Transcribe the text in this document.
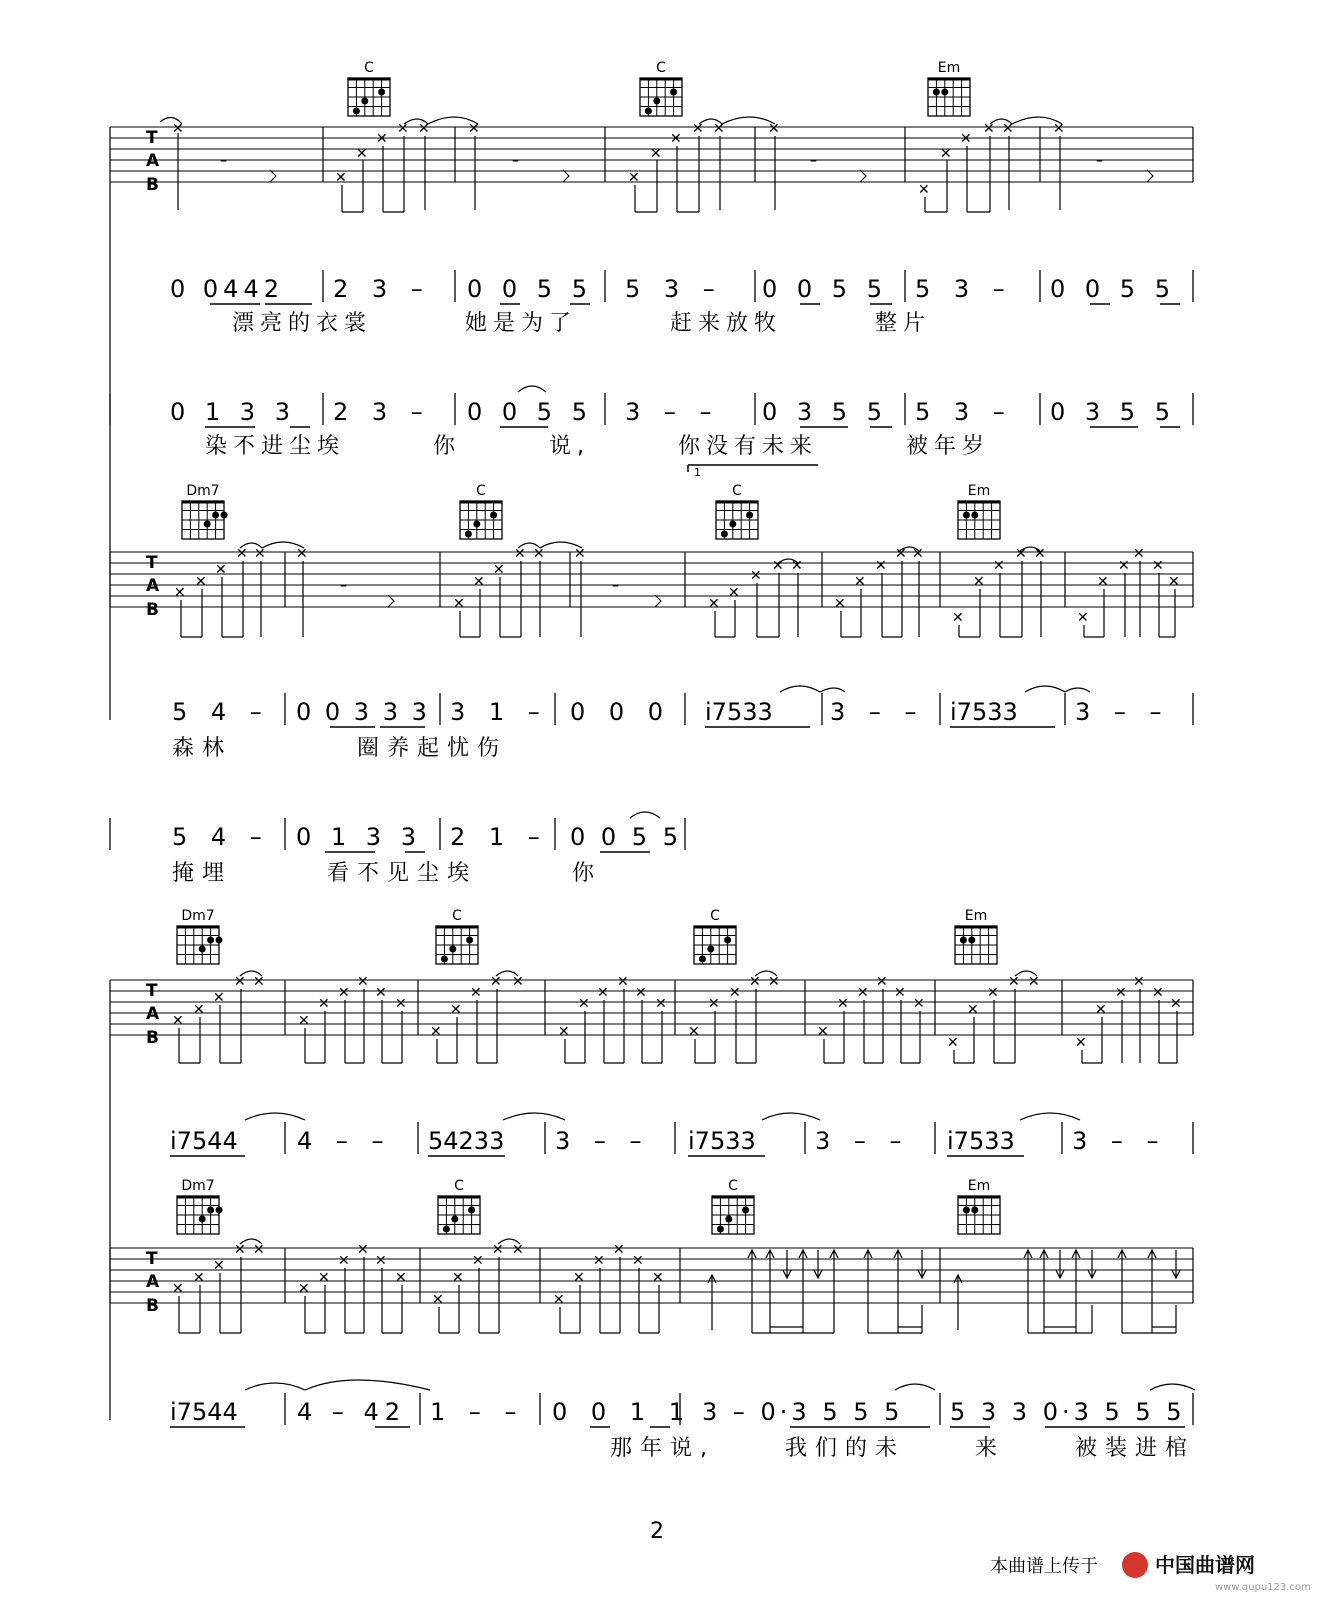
C	C	Em
T
A
B
✕
–
✕
✕
✕
✕ ✕	✕
–
✕
✕
✕
✕ ✕	✕
–
✕
✕
✕
✕ ✕	✕
–
0 0442 2 3 – 0 0 5 5 5 3 – 0 0 5 5 5 3 – 0 0 5 5
漂亮的衣裳 她是为了 赶来放牧 整片
0 1 3 3 2 3 – 0 0 5 5 3 – – 0 3 5 5 5 3 – 0 3 5 5
1
染不进尘埃 你 说, 你没有未来 被年岁
Dm7	C	C	Em
T
A
B
✕
✕
✕
✕ ✕ ✕
–
✕
✕
✕
✕ ✕ ✕
–
✕
✕
✕
✕ ✕
✕
✕
✕
✕ ✕
✕
✕
✕
✕ ✕
✕
✕
✕
✕
✕
✕
5 4 – 0 0 3 3 3 3 1 – 0 0 0 i7533 3 – – i7533 3 – –
森林 圈养起忧伤
5 4 – 0 1 3 3 2 1 – 0 0 5 5
掩埋 看不见尘埃 你
Dm7	C	C	Em
T
A
B
✕
✕
✕
✕ ✕
✕
✕
✕
✕
✕
✕
✕
✕
✕
✕ ✕
✕
✕
✕
✕
✕
✕
✕
✕
✕
✕ ✕
✕
✕
✕
✕
✕
✕
✕
✕
✕
✕ ✕
✕
✕
✕
✕
✕
✕
i7544 4 – – 54233 3 – – i7533 3 – – i7533 3 – –
Dm7	C	C	Em
T
A
B
✕
✕
✕
✕ ✕
✕
✕
✕
✕
✕
✕
✕
✕
✕
✕ ✕
✕
✕
✕
✕
✕
✕
i7544 4 – 42 1 – – 0 0 1 1 3 – 0·3 5 5 5 5 3 3 0·3 5 5 5
那年说, 我们的未 来 被装进棺
2
本曲谱上传于	中国曲谱网
www.qupu123.com
